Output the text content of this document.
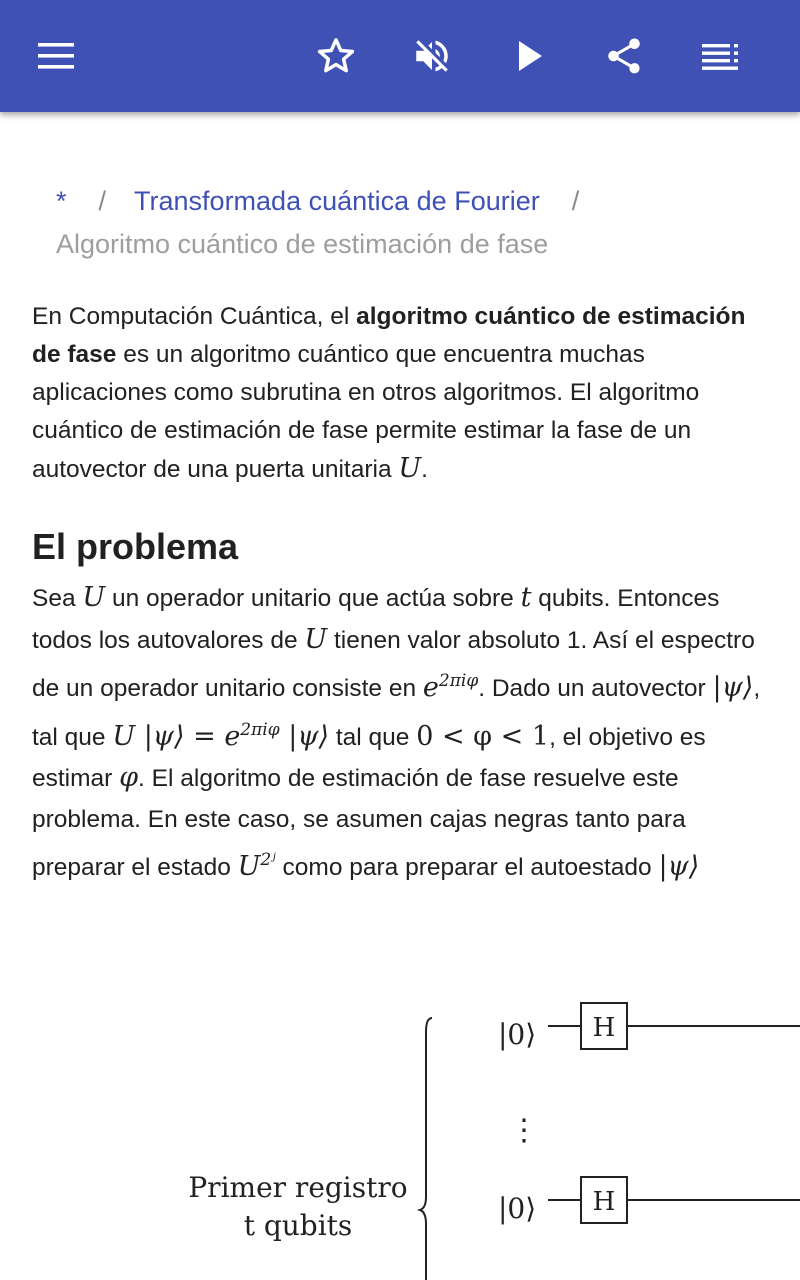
* / Transformada cuántica de Fourier /
Algoritmo cuántico de estimación de fase

En Computación Cuántica, el algoritmo cuántico de estimación de fase es un algoritmo cuántico que encuentra muchas aplicaciones como subrutina en otros algoritmos. El algoritmo cuántico de estimación de fase permite estimar la fase de un autovector de una puerta unitaria U.

El problema

Sea U un operador unitario que actúa sobre t qubits. Entonces todos los autovalores de U tienen valor absoluto 1. Así el espectro de un operador unitario consiste en $e^{2\pi i\varphi}$. Dado un autovector |ψ⟩, tal que U |ψ⟩ = $e^{2\pi i\varphi}$ |ψ⟩ tal que 0 < φ < 1, el objetivo es estimar φ. El algoritmo de estimación de fase resuelve este problema. En este caso, se asumen cajas negras tanto para preparar el estado $U^{2ʲ}$ como para preparar el autoestado |ψ⟩

Primer registro
t qubits
|0⟩
⋮
|0⟩
H
H
